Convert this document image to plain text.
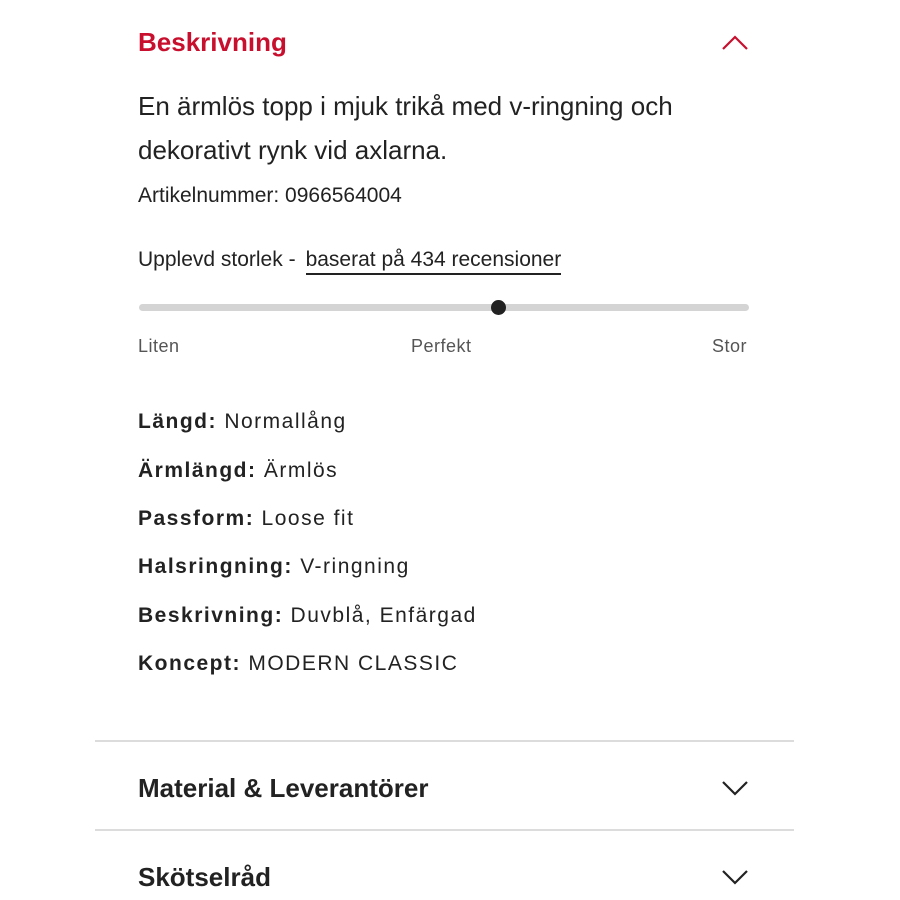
Beskrivning

En ärmlös topp i mjuk trikå med v-ringning och dekorativt rynk vid axlarna.

Artikelnummer: 0966564004

Upplevd storlek - baserat på 434 recensioner
Liten	Perfekt	Stor
Längd: Normallång
Ärmlängd: Ärmlös
Passform: Loose fit
Halsringning: V-ringning
Beskrivning: Duvblå, Enfärgad
Koncept: MODERN CLASSIC
Material & Leverantörer
Skötselråd
